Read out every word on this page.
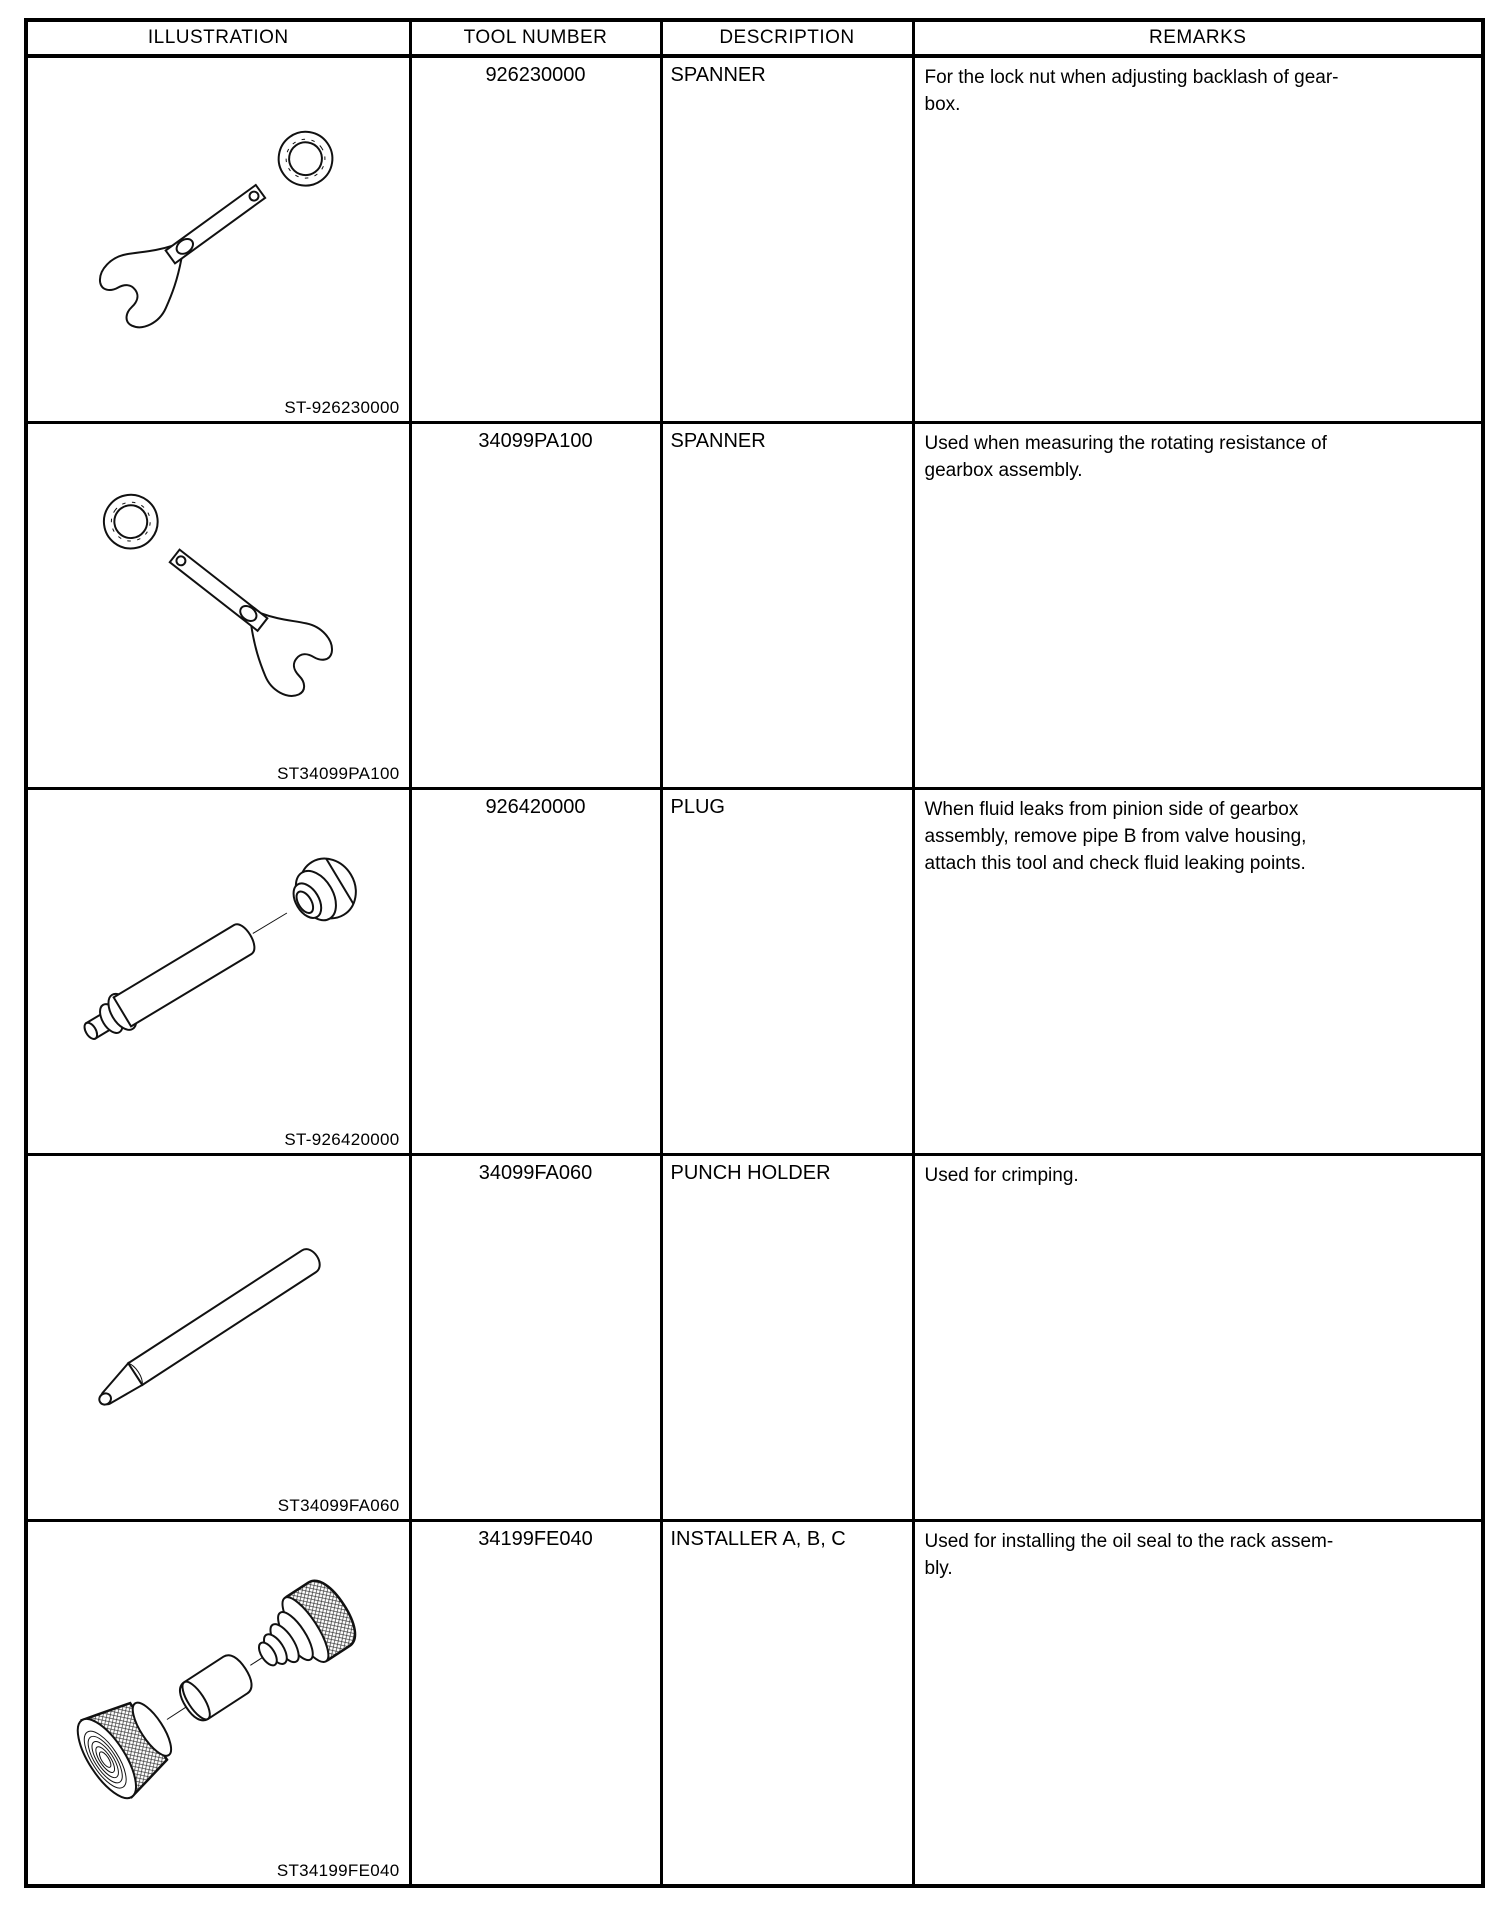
ILLUSTRATION	TOOL NUMBER	DESCRIPTION	REMARKS

ST-926230000	926230000	SPANNER	For the lock nut when adjusting backlash of gear-
box.

ST34099PA100	34099PA100	SPANNER	Used when measuring the rotating resistance of
gearbox assembly.

ST-926420000	926420000	PLUG	When fluid leaks from pinion side of gearbox
assembly, remove pipe B from valve housing,
attach this tool and check fluid leaking points.

ST34099FA060	34099FA060	PUNCH HOLDER	Used for crimping.

ST34199FE040	34199FE040	INSTALLER A, B, C	Used for installing the oil seal to the rack assem-
bly.
